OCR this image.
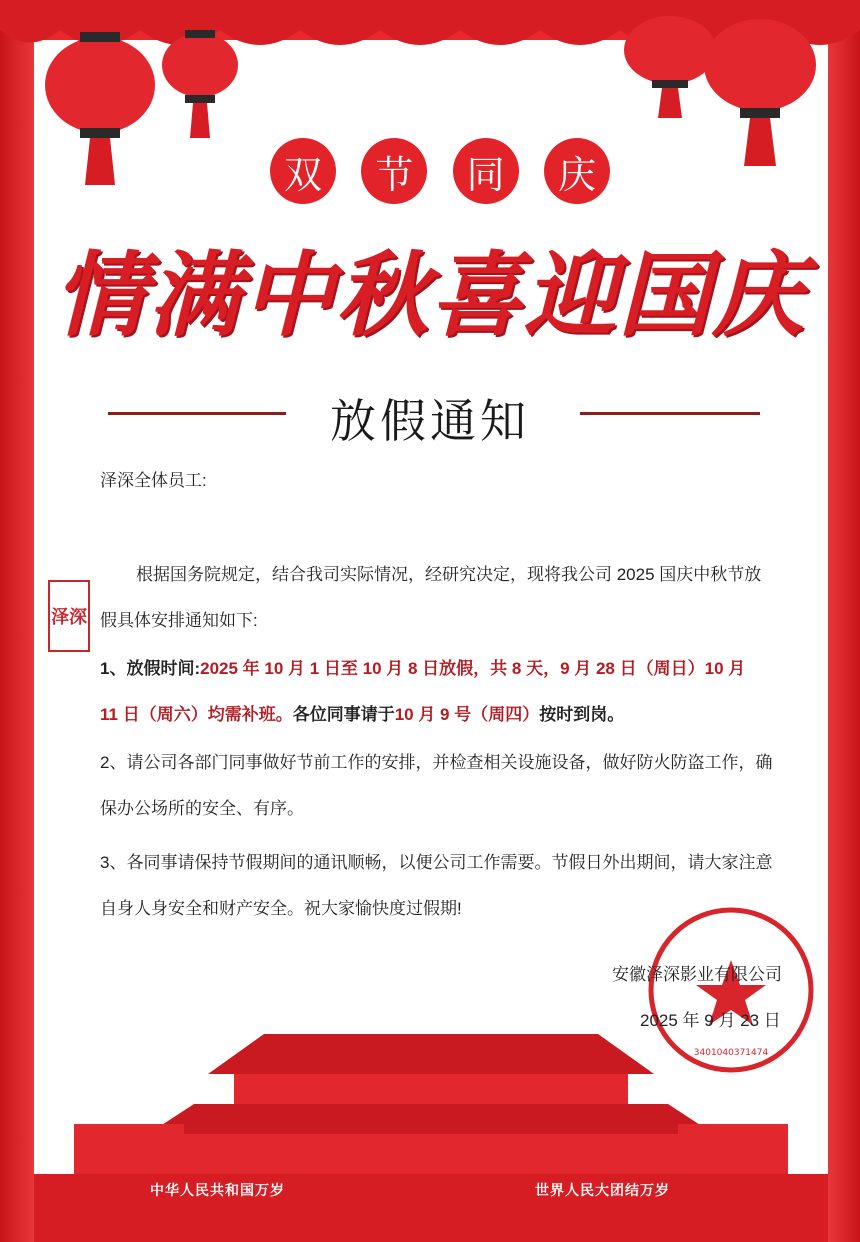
双	节	同	庆
情满中秋喜迎国庆
放假通知
泽深全体员工:
泽深
根据国务院规定，结合我司实际情况，经研究决定，现将我公司 2025 国庆中秋节放
假具体安排通知如下:
1、放假时间:2025 年 10 月 1 日至 10 月 8 日放假，共 8 天，9 月 28 日（周日）10 月
11 日（周六）均需补班。各位同事请于10 月 9 号（周四）按时到岗。
2、请公司各部门同事做好节前工作的安排，并检查相关设施设备，做好防火防盗工作，确
保办公场所的安全、有序。
3、各同事请保持节假期间的通讯顺畅，以便公司工作需要。节假日外出期间，请大家注意
自身人身安全和财产安全。祝大家愉快度过假期!
3401040371474
安徽泽深影业有限公司
2025 年 9 月 23 日
中华人民共和国万岁	世界人民大团结万岁
